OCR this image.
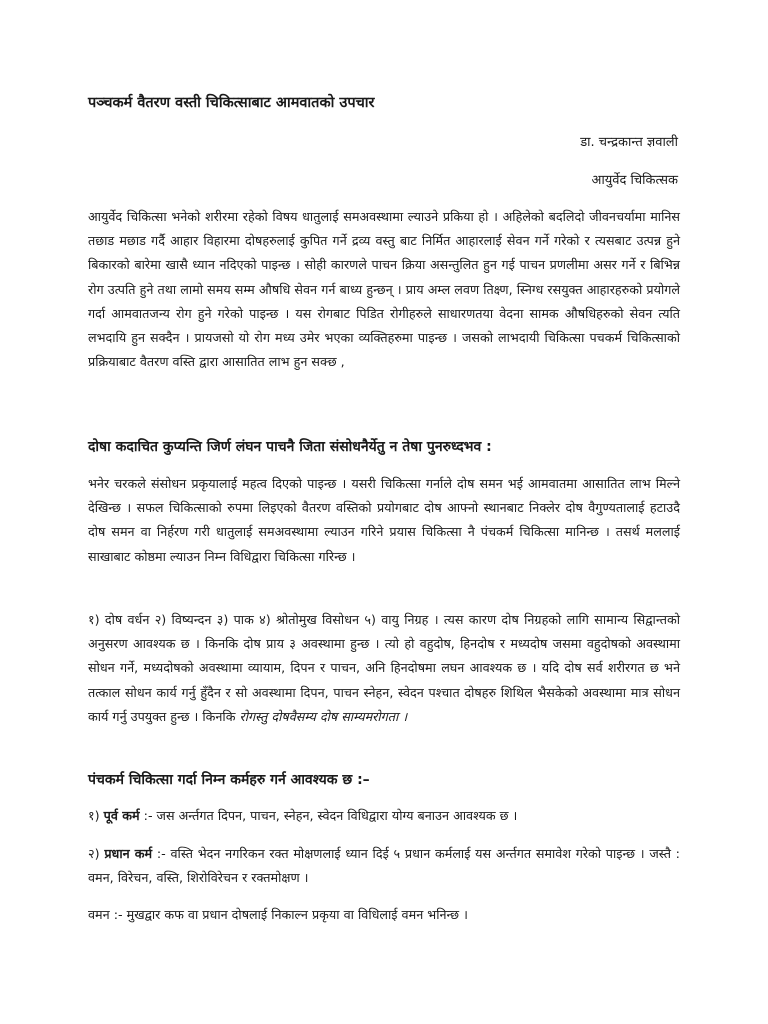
पञ्चकर्म वैतरण वस्ती चिकित्साबाट आमवातको उपचार
डा. चन्द्रकान्त ज्ञवाली
आयुर्वेद चिकित्सक

आयुर्वेद चिकित्सा भनेको शरीरमा रहेको विषय धातुलाई समअवस्थामा ल्याउने प्रकिया हो । अहिलेको बदलिदो जीवनचर्यामा मानिस तछाड मछाड गर्दै आहार विहारमा दोषहरुलाई कुपित गर्ने द्रव्य वस्तु बाट निर्मित आहारलाई सेवन गर्ने गरेको र त्यसबाट उत्पन्न हुने बिकारको बारेमा खासै ध्यान नदिएको पाइन्छ । सोही कारणले पाचन क्रिया असन्तुलित हुन गई पाचन प्रणलीमा असर गर्ने र बिभिन्न रोग उत्पति हुने तथा लामो समय सम्म औषधि सेवन गर्न बाध्य हुन्छन् । प्राय अम्ल लवण तिक्ष्ण, स्निग्ध रसयुक्त आहारहरुको प्रयोगले गर्दा आमवातजन्य रोग हुने गरेको पाइन्छ । यस रोगबाट पिडित रोगीहरुले साधारणतया वेदना सामक औषधिहरुको सेवन त्यति लभदायि हुन सक्दैन । प्रायजसो यो रोग मध्य उमेर भएका व्यक्तिहरुमा पाइन्छ । जसको लाभदायी चिकित्सा पचकर्म चिकित्साको प्रक्रियाबाट वैतरण वस्ति द्वारा आसातित लाभ हुन सक्छ ,

दोषा कदाचित कुप्यन्ति जिर्ण लंघन पाचनै जिता संसोधनैर्येतु न तेषा पुनरुध्दभव :

भनेर चरकले संसोधन प्रकृयालाई महत्व दिएको पाइन्छ । यसरी चिकित्सा गर्नाले दोष समन भई आमवातमा आसातित लाभ मिल्ने देखिन्छ । सफल चिकित्साको रुपमा लिइएको वैतरण वस्तिको प्रयोगबाट दोष आफ्नो स्थानबाट निक्लेर दोष वैगुण्यतालाई हटाउदै दोष समन वा निर्हरण गरी धातुलाई समअवस्थामा ल्याउन गरिने प्रयास चिकित्सा नै पंचकर्म चिकित्सा मानिन्छ । तसर्थ मललाई साखाबाट कोष्ठमा ल्याउन निम्न विधिद्वारा चिकित्सा गरिन्छ ।

१) दोष वर्धन २) विष्यन्दन ३) पाक ४) श्रोतोमुख विसोधन ५) वायु निग्रह । त्यस कारण दोष निग्रहको लागि सामान्य सिद्वान्तको अनुसरण आवश्यक छ । किनकि दोष प्राय ३ अवस्थामा हुन्छ । त्यो हो वहुदोष, हिनदोष र मध्यदोष जसमा वहुदोषको अवस्थामा सोधन गर्ने, मध्यदोषको अवस्थामा व्यायाम, दिपन र पाचन, अनि हिनदोषमा लघन आवश्यक छ । यदि दोष सर्व शरीरगत छ भने तत्काल सोधन कार्य गर्नु हुँदैन र सो अवस्थामा दिपन, पाचन स्नेहन, स्वेदन पश्चात दोषहरु शिथिल भैसकेको अवस्थामा मात्र सोधन कार्य गर्नु उपयुक्त हुन्छ । किनकि रोगस्तु दोषवैसम्य दोष साम्यमरोगता ।

पंचकर्म चिकित्सा गर्दा निम्न कर्महरु गर्न आवश्यक छ :–

१) पूर्व कर्म :- जस अर्न्तगत दिपन, पाचन, स्नेहन, स्वेदन विधिद्वारा योग्य बनाउन आवश्यक छ ।

२) प्रधान कर्म :- वस्ति भेदन नगरिकन रक्त मोक्षणलाई ध्यान दिई ५ प्रधान कर्मलाई यस अर्न्तगत समावेश गरेको पाइन्छ । जस्तै : वमन, विरेचन, वस्ति, शिरोविरेचन र रक्तमोक्षण ।

वमन :- मुखद्वार कफ वा प्रधान दोषलाई निकाल्न प्रकृया वा विधिलाई वमन भनिन्छ ।
